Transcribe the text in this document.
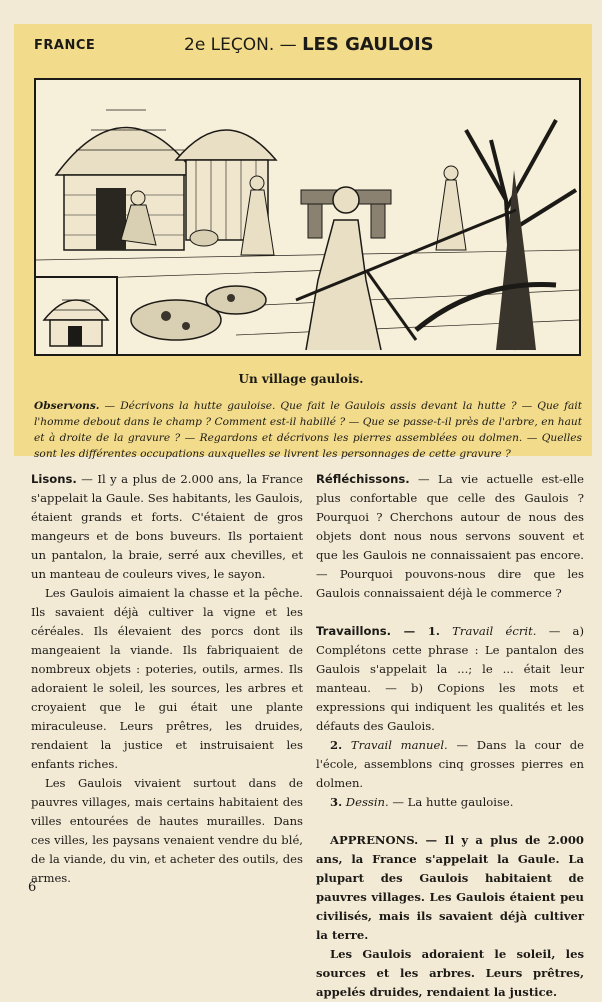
FRANCE	2e LEÇON. — LES GAULOIS
Un village gaulois.
Observons. — Décrivons la hutte gauloise. Que fait le Gaulois assis devant la hutte ? — Que fait l'homme debout dans le champ ? Comment est-il habillé ? — Que se passe-t-il près de l'arbre, en haut et à droite de la gravure ? — Regardons et décrivons les pierres assemblées ou dolmen. — Quelles sont les différentes occupations auxquelles se livrent les personnages de cette gravure ?

Lisons. — Il y a plus de 2.000 ans, la France s'appelait la Gaule. Ses habitants, les Gaulois, étaient grands et forts. C'étaient de gros mangeurs et de bons buveurs. Ils portaient un pantalon, la braie, serré aux chevilles, et un manteau de couleurs vives, le sayon.

Les Gaulois aimaient la chasse et la pêche. Ils savaient déjà cultiver la vigne et les céréales. Ils élevaient des porcs dont ils mangeaient la viande. Ils fabriquaient de nombreux objets : poteries, outils, armes. Ils adoraient le soleil, les sources, les arbres et croyaient que le gui était une plante miraculeuse. Leurs prêtres, les druides, rendaient la justice et instruisaient les enfants riches.

Les Gaulois vivaient surtout dans de pauvres villages, mais certains habitaient des villes entourées de hautes murailles. Dans ces villes, les paysans venaient vendre du blé, de la viande, du vin, et acheter des outils, des armes.

Réfléchissons. — La vie actuelle est-elle plus confortable que celle des Gaulois ? Pourquoi ? Cherchons autour de nous des objets dont nous nous servons souvent et que les Gaulois ne connaissaient pas encore. — Pourquoi pouvons-nous dire que les Gaulois connaissaient déjà le commerce ?

Travaillons. — 1. Travail écrit. — a) Complétons cette phrase : Le pantalon des Gaulois s'appelait la ...; le ... était leur manteau. — b) Copions les mots et expressions qui indiquent les qualités et les défauts des Gaulois.

2. Travail manuel. — Dans la cour de l'école, assemblons cinq grosses pierres en dolmen.

3. Dessin. — La hutte gauloise.

APPRENONS. — Il y a plus de 2.000 ans, la France s'appelait la Gaule. La plupart des Gaulois habitaient de pauvres villages. Les Gaulois étaient peu civilisés, mais ils savaient déjà cultiver la terre.

Les Gaulois adoraient le soleil, les sources et les arbres. Leurs prêtres, appelés druides, rendaient la justice.

6
